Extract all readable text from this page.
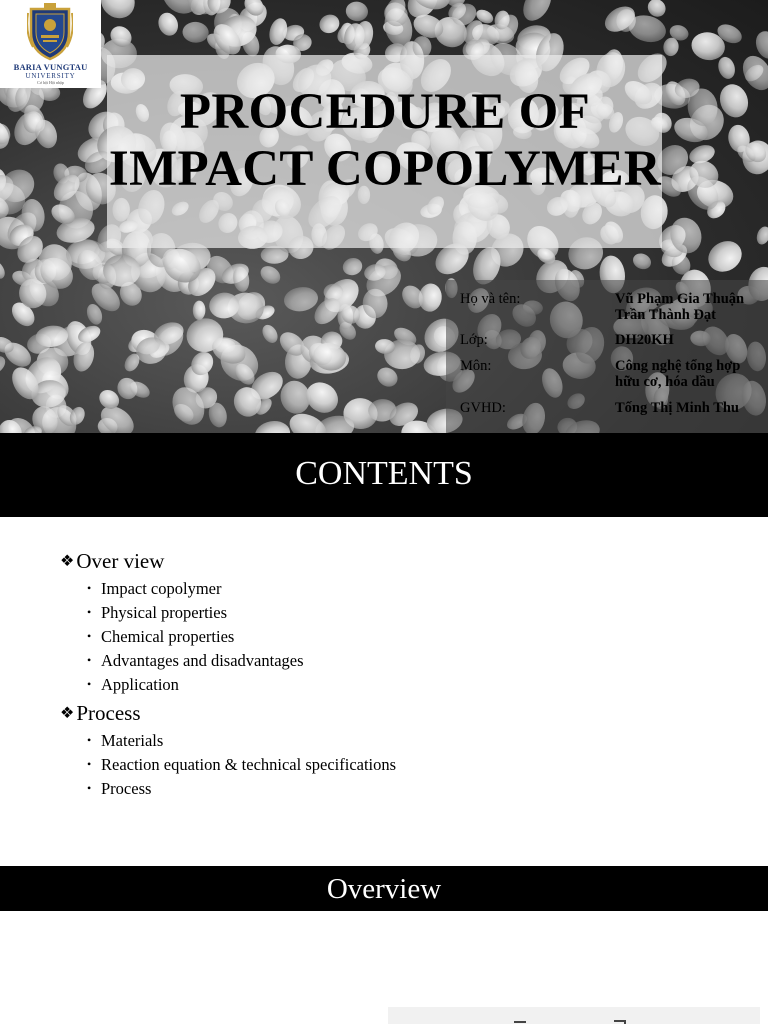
BARIA VUNGTAU
UNIVERSITY
Cơ hội Hội nhập
PROCEDURE OF
IMPACT COPOLYMER
Họ và tên:	Vũ Phạm Gia Thuận
Trần Thành Đạt
Lớp:	DH20KH
Môn:	Công nghệ tổng hợp hữu cơ, hóa dầu
GVHD:	Tống Thị Minh Thu
CONTENTS
❖Over view
• Impact copolymer
• Physical properties
• Chemical properties
• Advantages and disadvantages
• Application
❖Process
• Materials
• Reaction equation & technical specifications
• Process
Overview
